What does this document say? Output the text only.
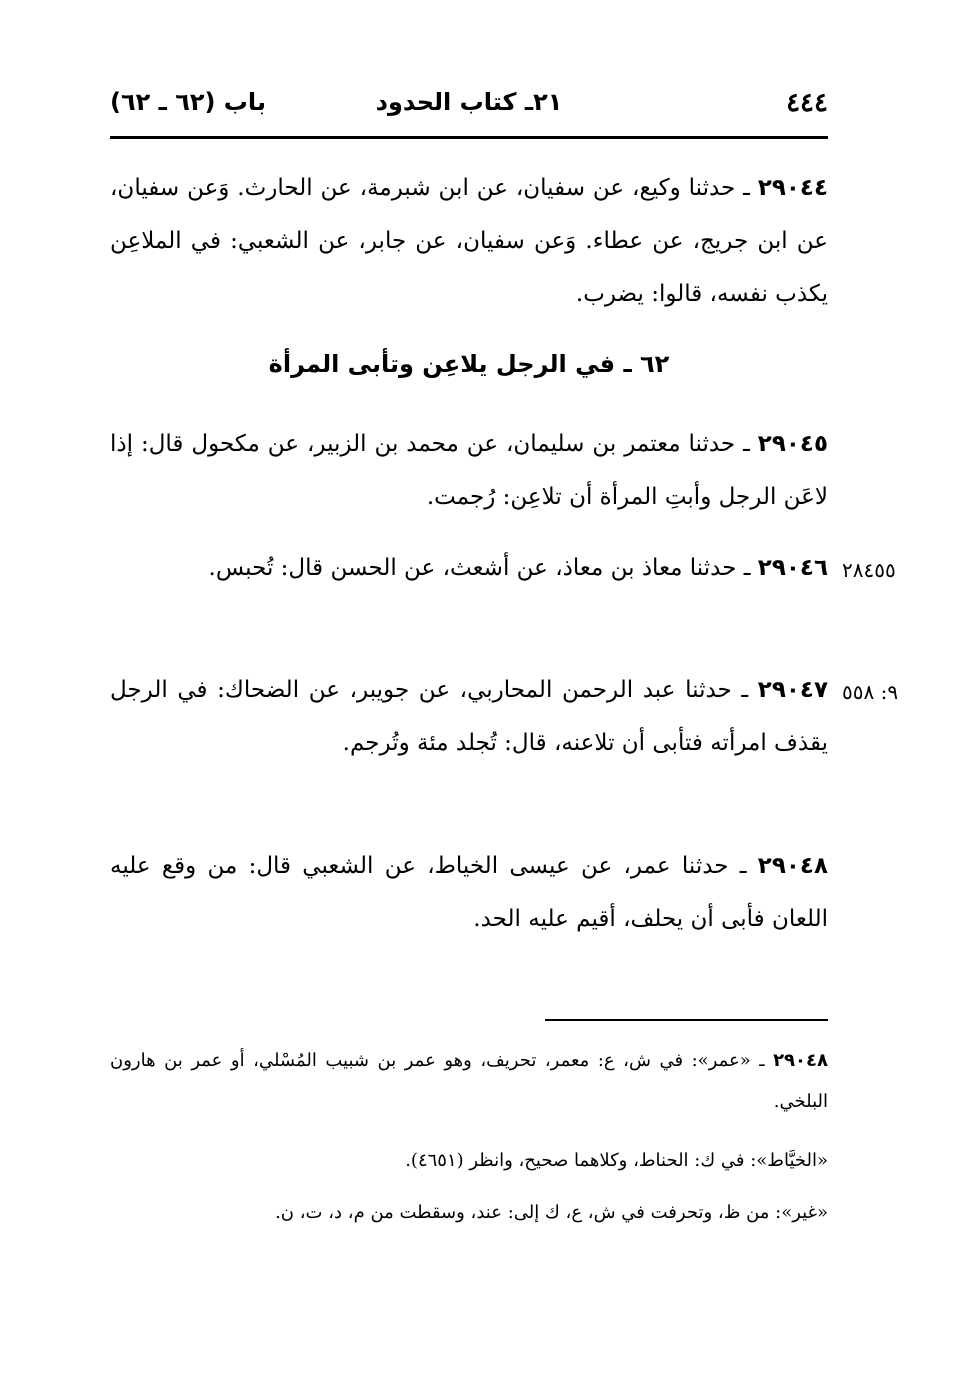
٤٤٤
٢١ـ كتاب الحدود
باب (٦٢ ـ ٦٢)
٢٩٠٤٤ ـ حدثنا وكيع، عن سفيان، عن ابن شبرمة، عن الحارث. وَعن سفيان، عن ابن جريج، عن عطاء. وَعن سفيان، عن جابر، عن الشعبي: في الملاعِن يكذب نفسه، قالوا: يضرب.
٦٢ ـ في الرجل يلاعِن وتأبى المرأة
٢٩٠٤٥ ـ حدثنا معتمر بن سليمان، عن محمد بن الزبير، عن مكحول قال: إذا لاعَن الرجل وأبتِ المرأة أن تلاعِن: رُجمت.
٢٨٤٥٥
٢٩٠٤٦ ـ حدثنا معاذ بن معاذ، عن أشعث، عن الحسن قال: تُحبس.
٩: ٥٥٨
٢٩٠٤٧ ـ حدثنا عبد الرحمن المحاربي، عن جويبر، عن الضحاك: في الرجل يقذف امرأته فتأبى أن تلاعنه، قال: تُجلد مئة وتُرجم.
٢٩٠٤٨ ـ حدثنا عمر، عن عيسى الخياط، عن الشعبي قال: من وقع عليه اللعان فأبى أن يحلف، أقيم عليه الحد.
٢٩٠٤٨ ـ «عمر»: في ش، ع: معمر، تحريف، وهو عمر بن شبيب المُسْلي، أو عمر بن هارون البلخي.
«الخيَّاط»: في ك: الحناط، وكلاهما صحيح، وانظر (٤٦٥١).
«غير»: من ظ، وتحرفت في ش، ع، ك إلى: عند، وسقطت من م، د، ت، ن.
